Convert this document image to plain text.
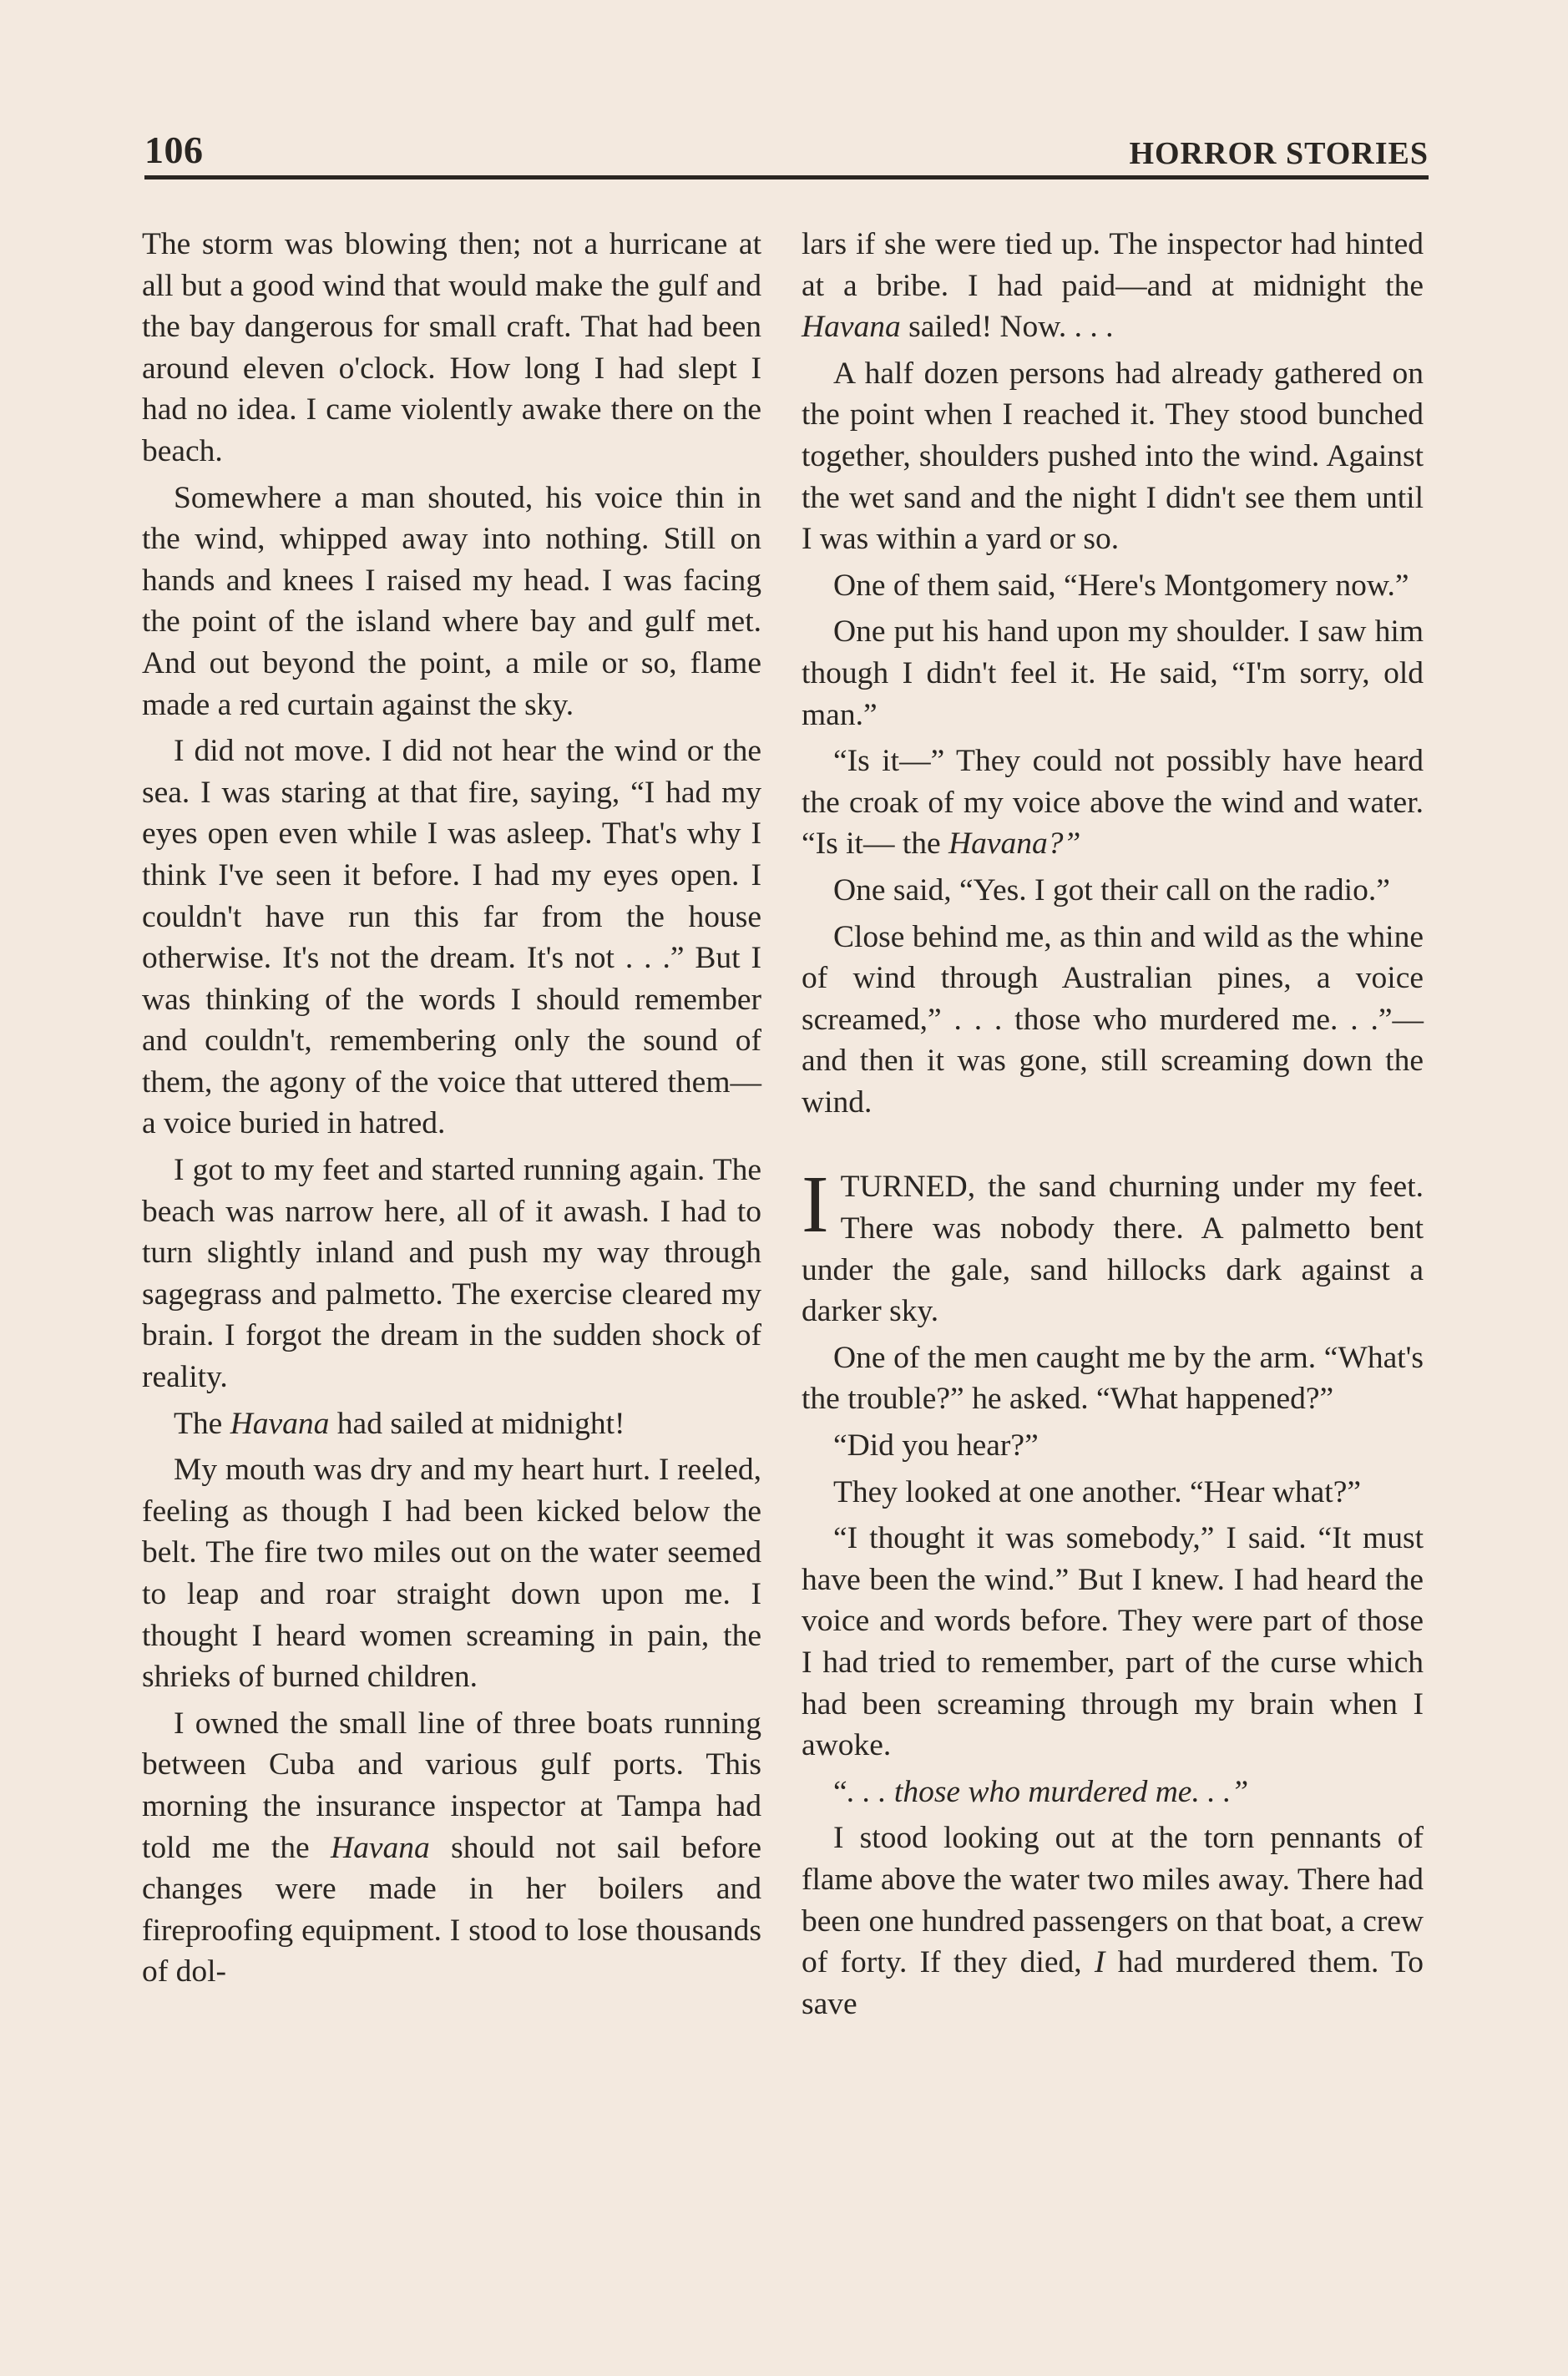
106	HORROR STORIES

The storm was blowing then; not a hurricane at all but a good wind that would make the gulf and the bay dangerous for small craft. That had been around eleven o'clock. How long I had slept I had no idea. I came violently awake there on the beach.

Somewhere a man shouted, his voice thin in the wind, whipped away into nothing. Still on hands and knees I raised my head. I was facing the point of the island where bay and gulf met. And out beyond the point, a mile or so, flame made a red curtain against the sky.

I did not move. I did not hear the wind or the sea. I was staring at that fire, saying, “I had my eyes open even while I was asleep. That's why I think I've seen it before. I had my eyes open. I couldn't have run this far from the house otherwise. It's not the dream. It's not . . .” But I was thinking of the words I should remember and couldn't, remembering only the sound of them, the agony of the voice that uttered them—a voice buried in hatred.

I got to my feet and started running again. The beach was narrow here, all of it awash. I had to turn slightly inland and push my way through sagegrass and palmetto. The exercise cleared my brain. I forgot the dream in the sudden shock of reality.

The Havana had sailed at midnight!

My mouth was dry and my heart hurt. I reeled, feeling as though I had been kicked below the belt. The fire two miles out on the water seemed to leap and roar straight down upon me. I thought I heard women screaming in pain, the shrieks of burned children.

I owned the small line of three boats running between Cuba and various gulf ports. This morning the insurance inspector at Tampa had told me the Havana should not sail before changes were made in her boilers and fireproofing equipment. I stood to lose thousands of dol-

lars if she were tied up. The inspector had hinted at a bribe. I had paid—and at midnight the Havana sailed! Now. . . .

A half dozen persons had already gathered on the point when I reached it. They stood bunched together, shoulders pushed into the wind. Against the wet sand and the night I didn't see them until I was within a yard or so.

One of them said, “Here's Montgomery now.”

One put his hand upon my shoulder. I saw him though I didn't feel it. He said, “I'm sorry, old man.”

“Is it—” They could not possibly have heard the croak of my voice above the wind and water. “Is it— the Havana?”

One said, “Yes. I got their call on the radio.”

Close behind me, as thin and wild as the whine of wind through Australian pines, a voice screamed,” . . . those who murdered me. . .”—and then it was gone, still screaming down the wind.

ITURNED, the sand churning under my feet. There was nobody there. A palmetto bent under the gale, sand hillocks dark against a darker sky.

One of the men caught me by the arm. “What's the trouble?” he asked. “What happened?”

“Did you hear?”

They looked at one another. “Hear what?”

“I thought it was somebody,” I said. “It must have been the wind.” But I knew. I had heard the voice and words before. They were part of those I had tried to remember, part of the curse which had been screaming through my brain when I awoke.

“. . . those who murdered me. . .”

I stood looking out at the torn pennants of flame above the water two miles away. There had been one hundred passengers on that boat, a crew of forty. If they died, I had murdered them. To save
